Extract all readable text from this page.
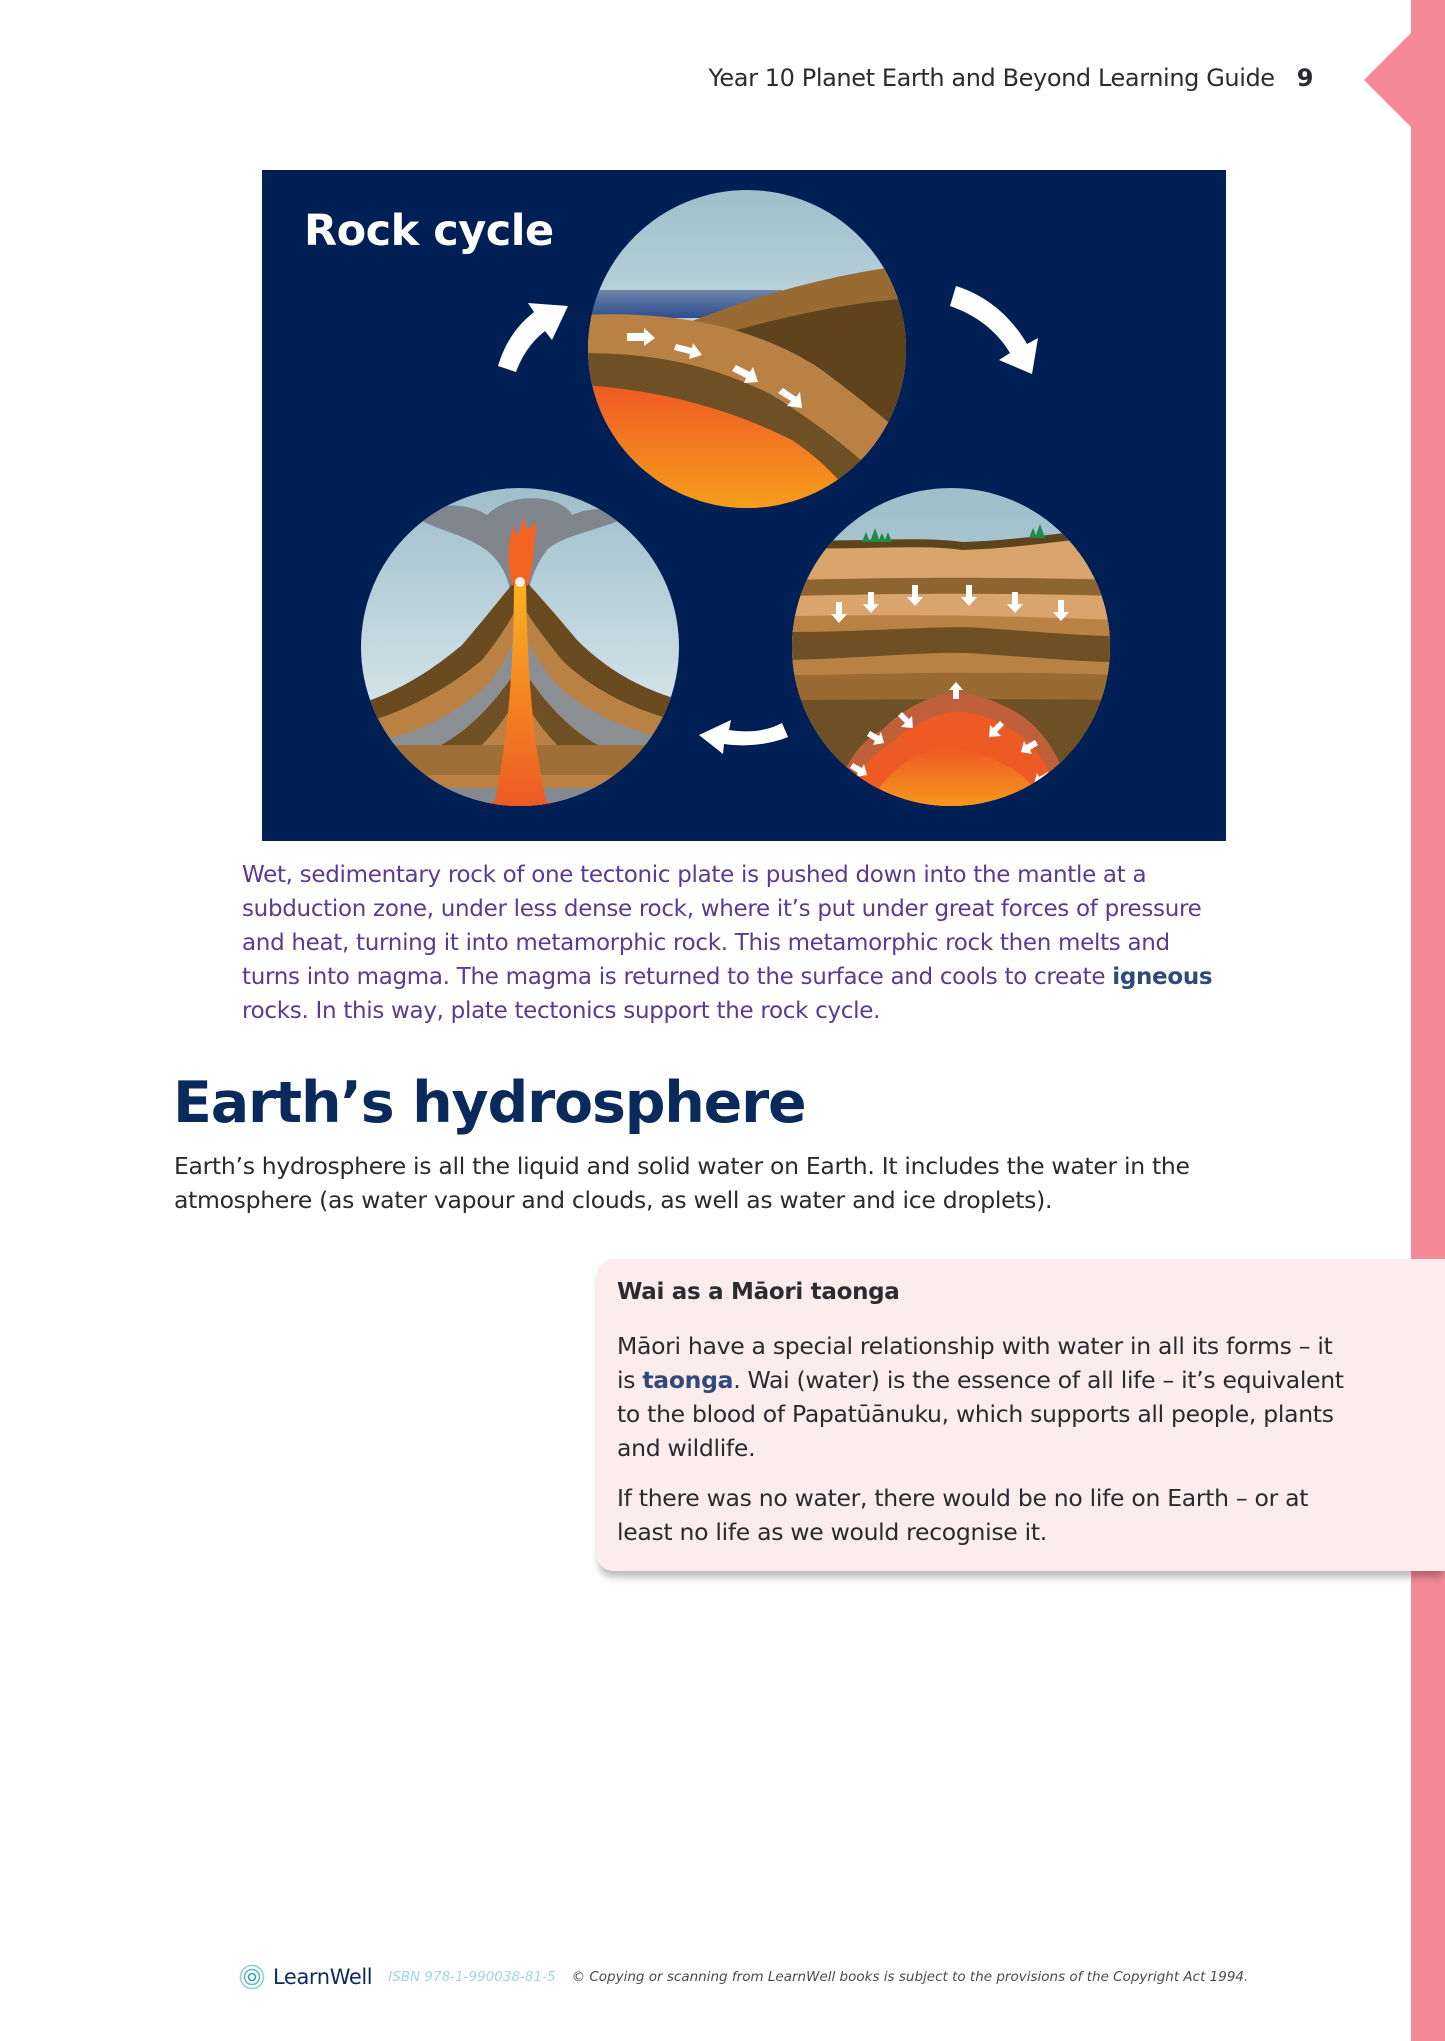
Year 10 Planet Earth and Beyond Learning Guide 9
Rock cycle
Wet, sedimentary rock of one tectonic plate is pushed down into the mantle at a subduction zone, under less dense rock, where it’s put under great forces of pressure and heat, turning it into metamorphic rock. This metamorphic rock then melts and turns into magma. The magma is returned to the surface and cools to create igneous rocks. In this way, plate tectonics support the rock cycle.
Earth’s hydrosphere
Earth’s hydrosphere is all the liquid and solid water on Earth. It includes the water in the atmosphere (as water vapour and clouds, as well as water and ice droplets).
Wai as a Māori taonga
Māori have a special relationship with water in all its forms – it is taonga. Wai (water) is the essence of all life – it’s equivalent to the blood of Papatūānuku, which supports all people, plants and wildlife.
If there was no water, there would be no life on Earth – or at least no life as we would recognise it.
LearnWell ISBN 978-1-990038-81-5 © Copying or scanning from LearnWell books is subject to the provisions of the Copyright Act 1994.
